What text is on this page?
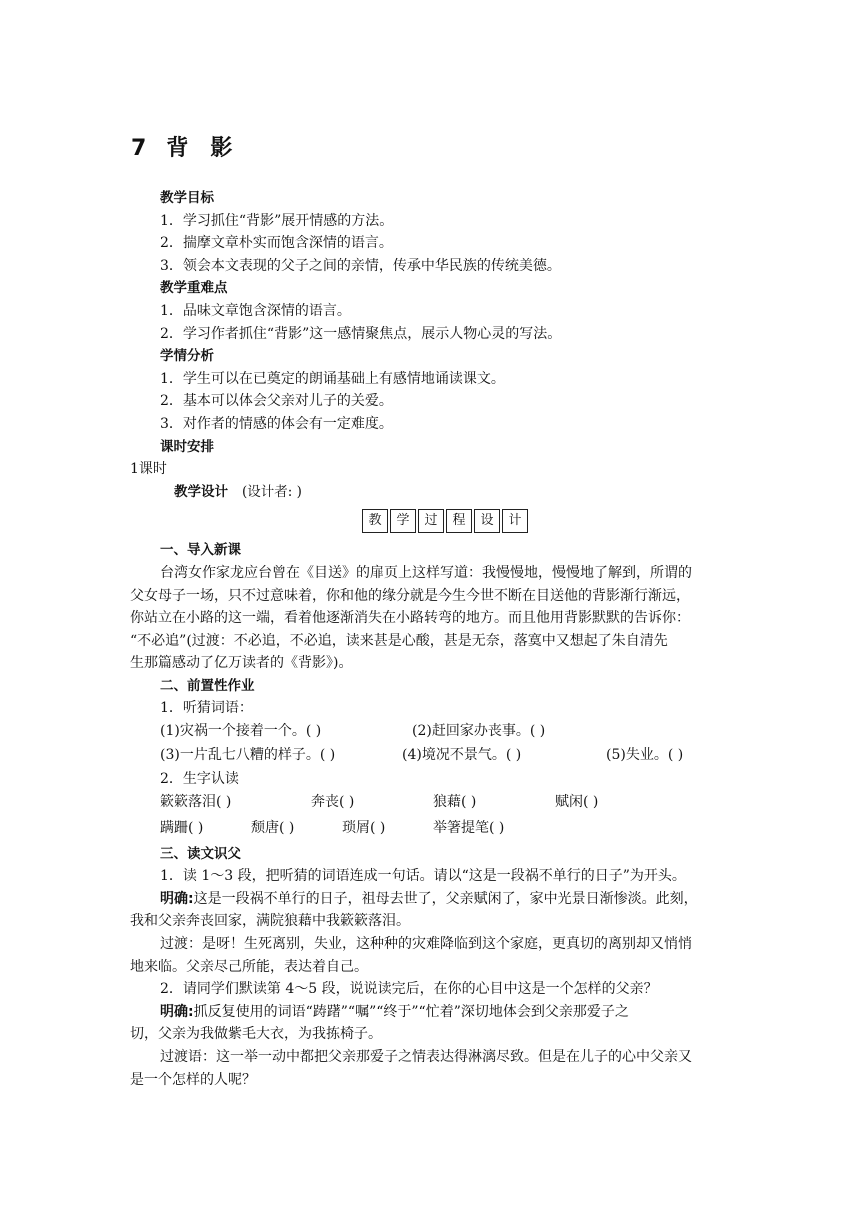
7 背 影
教学目标
1．学习抓住“背影”展开情感的方法。
2．揣摩文章朴实而饱含深情的语言。
3．领会本文表现的父子之间的亲情，传承中华民族的传统美德。
教学重难点
1．品味文章饱含深情的语言。
2．学习作者抓住“背影”这一感情聚焦点，展示人物心灵的写法。
学情分析
1．学生可以在已奠定的朗诵基础上有感情地诵读课文。
2．基本可以体会父亲对儿子的关爱。
3．对作者的情感的体会有一定难度。
课时安排
1课时
教学设计 (设计者: )
教	学	过	程	设	计
一、导入新课
台湾女作家龙应台曾在《目送》的扉页上这样写道：我慢慢地，慢慢地了解到，所谓的
父女母子一场，只不过意味着，你和他的缘分就是今生今世不断在目送他的背影渐行渐远，
你站立在小路的这一端，看着他逐渐消失在小路转弯的地方。而且他用背影默默的告诉你：
“不必追”(过渡：不必追，不必追，读来甚是心酸，甚是无奈，落寞中又想起了朱自清先
生那篇感动了亿万读者的《背影》)。
二、前置性作业
1．听猜词语：
(1)灾祸一个接着一个。( )	(2)赶回家办丧事。( )
(3)一片乱七八糟的样子。( )	(4)境况不景气。( )	(5)失业。( )
2．生字认读
簌簌落泪( )	奔丧( )	狼藉( )	赋闲( )
蹒跚( )	颓唐( )	琐屑( )	举箸提笔( )
三、读文识父
1．读 1～3 段，把听猜的词语连成一句话。请以“这是一段祸不单行的日子”为开头。
明确:这是一段祸不单行的日子，祖母去世了，父亲赋闲了，家中光景日渐惨淡。此刻，
我和父亲奔丧回家，满院狼藉中我簌簌落泪。
过渡：是呀！生死离别，失业，这种种的灾难降临到这个家庭，更真切的离别却又悄悄
地来临。父亲尽己所能，表达着自己。
2．请同学们默读第 4～5 段，说说读完后，在你的心目中这是一个怎样的父亲？
明确:抓反复使用的词语“踌躇”“嘱”“终于”“忙着”深切地体会到父亲那爱子之
切，父亲为我做紫毛大衣，为我拣椅子。
过渡语：这一举一动中都把父亲那爱子之情表达得淋漓尽致。但是在儿子的心中父亲又
是一个怎样的人呢？
